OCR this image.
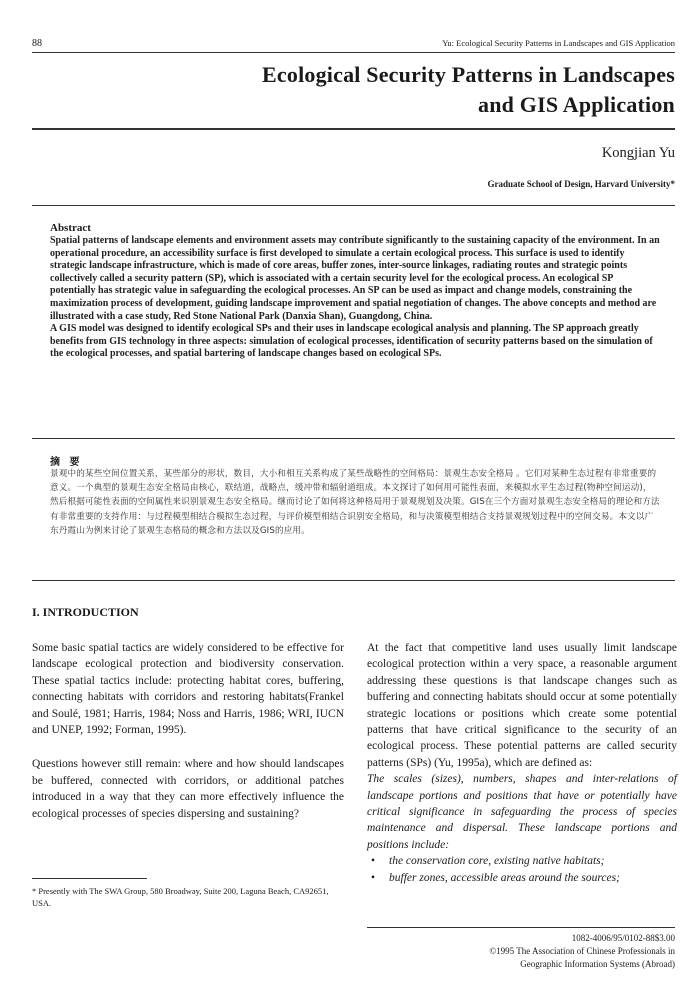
88	Yu: Ecological Security Patterns in Landscapes and GIS Application
Ecological Security Patterns in Landscapes
and GIS Application
Kongjian Yu
Graduate School of Design, Harvard University*
Abstract

Spatial patterns of landscape elements and environment assets may contribute significantly to the sustaining capacity of the environment. In an operational procedure, an accessibility surface is first developed to simulate a certain ecological process. This surface is used to identify strategic landscape infrastructure, which is made of core areas, buffer zones, inter-source linkages, radiating routes and strategic points collectively called a security pattern (SP), which is associated with a certain security level for the ecological process. An ecological SP potentially has strategic value in safeguarding the ecological processes. An SP can be used as impact and change models, constraining the maximization process of development, guiding landscape improvement and spatial negotiation of changes. The above concepts and method are illustrated with a case study, Red Stone National Park (Danxia Shan), Guangdong, China.

A GIS model was designed to identify ecological SPs and their uses in landscape ecological analysis and planning. The SP approach greatly benefits from GIS technology in three aspects: simulation of ecological processes, identification of security patterns based on the simulation of the ecological processes, and spatial bartering of landscape changes based on ecological SPs.

摘 要

景观中的某些空间位置关系，某些部分的形状，数目，大小和相互关系构成了某些战略性的空间格局：景观生态安全格局 。它们对某种生态过程有非常重要的意义。一个典型的景观生态安全格局由核心，联结道，战略点，缓冲带和辐射道组成。本文探讨了如何用可能性表面，来模拟水平生态过程(物种空间运动)，然后根据可能性表面的空间属性来识别景观生态安全格局。继而讨论了如何将这种格局用于景观规划及决策。GIS在三个方面对景观生态安全格局的理论和方法有非常重要的支持作用：与过程模型相结合模拟生态过程，与评价模型相结合识别安全格局，和与决策模型相结合支持景观规划过程中的空间交易。本文以广东丹霞山为例来讨论了景观生态格局的概念和方法以及GIS的应用。

I. INTRODUCTION

Some basic spatial tactics are widely considered to be effective for landscape ecological protection and biodiversity conservation. These spatial tactics include: protecting habitat cores, buffering, connecting habitats with corridors and restoring habitats(Frankel and Soulé, 1981; Harris, 1984; Noss and Harris, 1986; WRI, IUCN and UNEP, 1992; Forman, 1995).

Questions however still remain: where and how should landscapes be buffered, connected with corridors, or additional patches introduced in a way that they can more effectively influence the ecological processes of species dispersing and sustaining?

At the fact that competitive land uses usually limit landscape ecological protection within a very space, a reasonable argument addressing these questions is that landscape changes such as buffering and connecting habitats should occur at some potentially strategic locations or positions which create some potential patterns that have critical significance to the security of an ecological process. These potential patterns are called security patterns (SPs) (Yu, 1995a), which are defined as:

The scales (sizes), numbers, shapes and inter-relations of landscape portions and positions that have or potentially have critical significance in safeguarding the process of species maintenance and dispersal. These landscape portions and positions include:

• the conservation core, existing native habitats;
• buffer zones, accessible areas around the sources;
* Presently with The SWA Group, 580 Broadway, Suite 200, Laguna Beach, CA92651, USA.
1082-4006/95/0102-88$3.00
©1995 The Association of Chinese Professionals in
Geographic Information Systems (Abroad)
